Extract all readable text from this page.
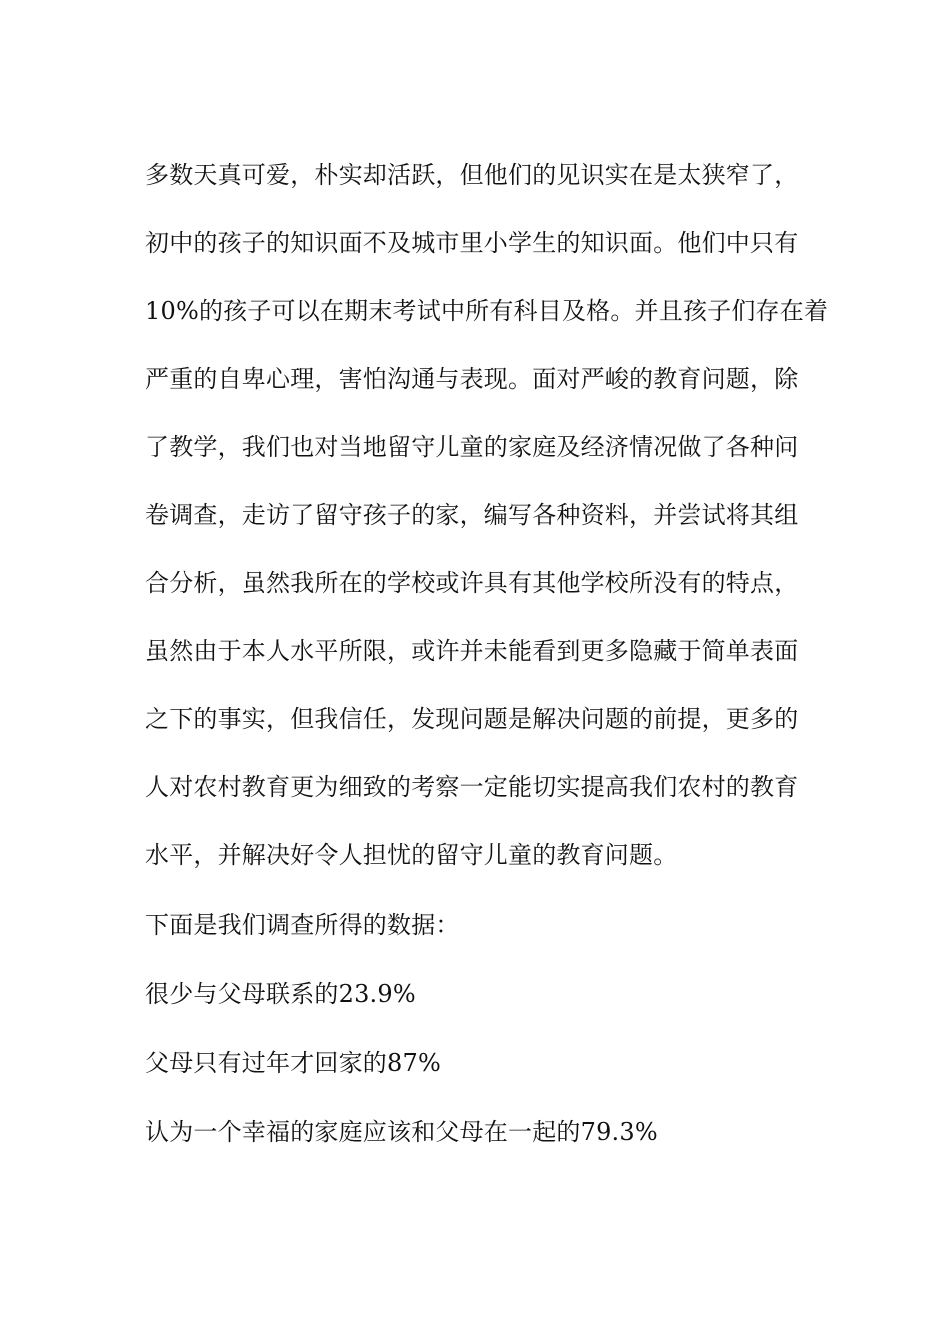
多数天真可爱，朴实却活跃，但他们的见识实在是太狭窄了，

初中的孩子的知识面不及城市里小学生的知识面。他们中只有

10%的孩子可以在期末考试中所有科目及格。并且孩子们存在着

严重的自卑心理，害怕沟通与表现。面对严峻的教育问题，除

了教学，我们也对当地留守儿童的家庭及经济情况做了各种问

卷调查，走访了留守孩子的家，编写各种资料，并尝试将其组

合分析，虽然我所在的学校或许具有其他学校所没有的特点，

虽然由于本人水平所限，或许并未能看到更多隐藏于简单表面

之下的事实，但我信任，发现问题是解决问题的前提，更多的

人对农村教育更为细致的考察一定能切实提高我们农村的教育

水平，并解决好令人担忧的留守儿童的教育问题。

下面是我们调查所得的数据：

很少与父母联系的23.9%

父母只有过年才回家的87%

认为一个幸福的家庭应该和父母在一起的79.3%
